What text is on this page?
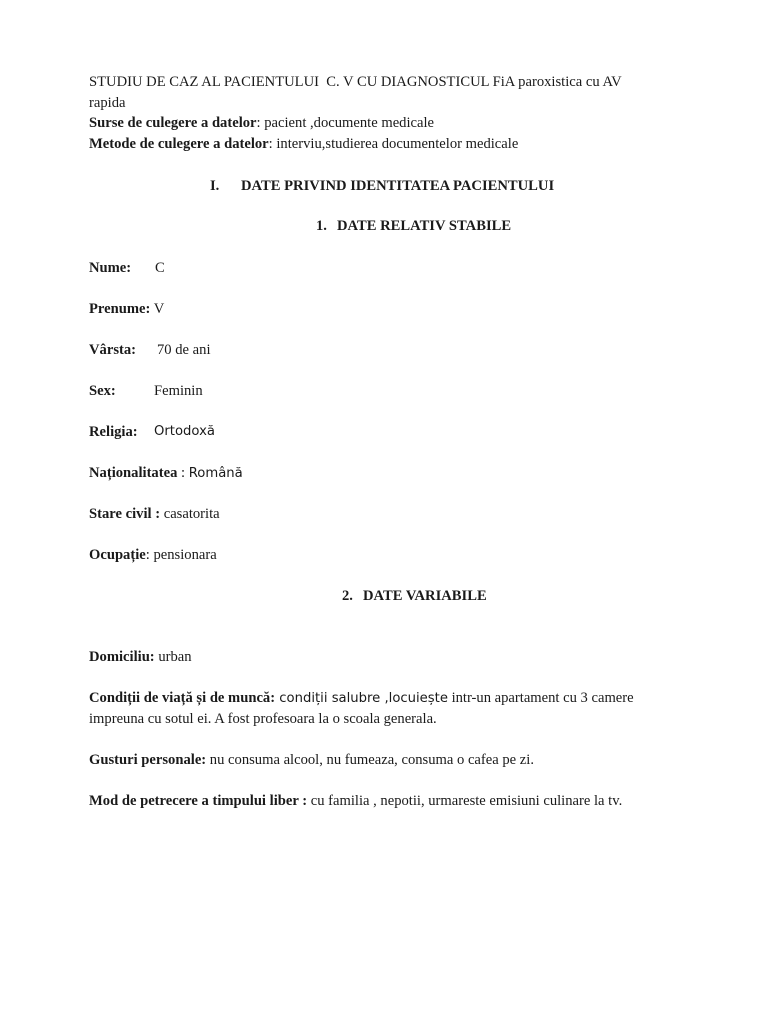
STUDIU DE CAZ AL PACIENTULUI  C. V CU DIAGNOSTICUL FiA paroxistica cu AV
rapida
Surse de culegere a datelor: pacient ,documente medicale
Metode de culegere a datelor: interviu,studierea documentelor medicale
I. DATE PRIVIND IDENTITATEA PACIENTULUI
1. DATE RELATIV STABILE
Nume: C
Prenume: V
Vârsta: 70 de ani
Sex:	Feminin
Religia: Ortodoxă
Naționalitatea : Română
Stare civil : casatorita
Ocupație: pensionara
2. DATE VARIABILE
Domiciliu: urban
Condiții de viață și de muncă: condiții salubre ,locuiește intr-un apartament cu 3 camere
impreuna cu sotul ei. A fost profesoara la o scoala generala.
Gusturi personale: nu consuma alcool, nu fumeaza, consuma o cafea pe zi.
Mod de petrecere a timpului liber : cu familia , nepotii, urmareste emisiuni culinare la tv.
